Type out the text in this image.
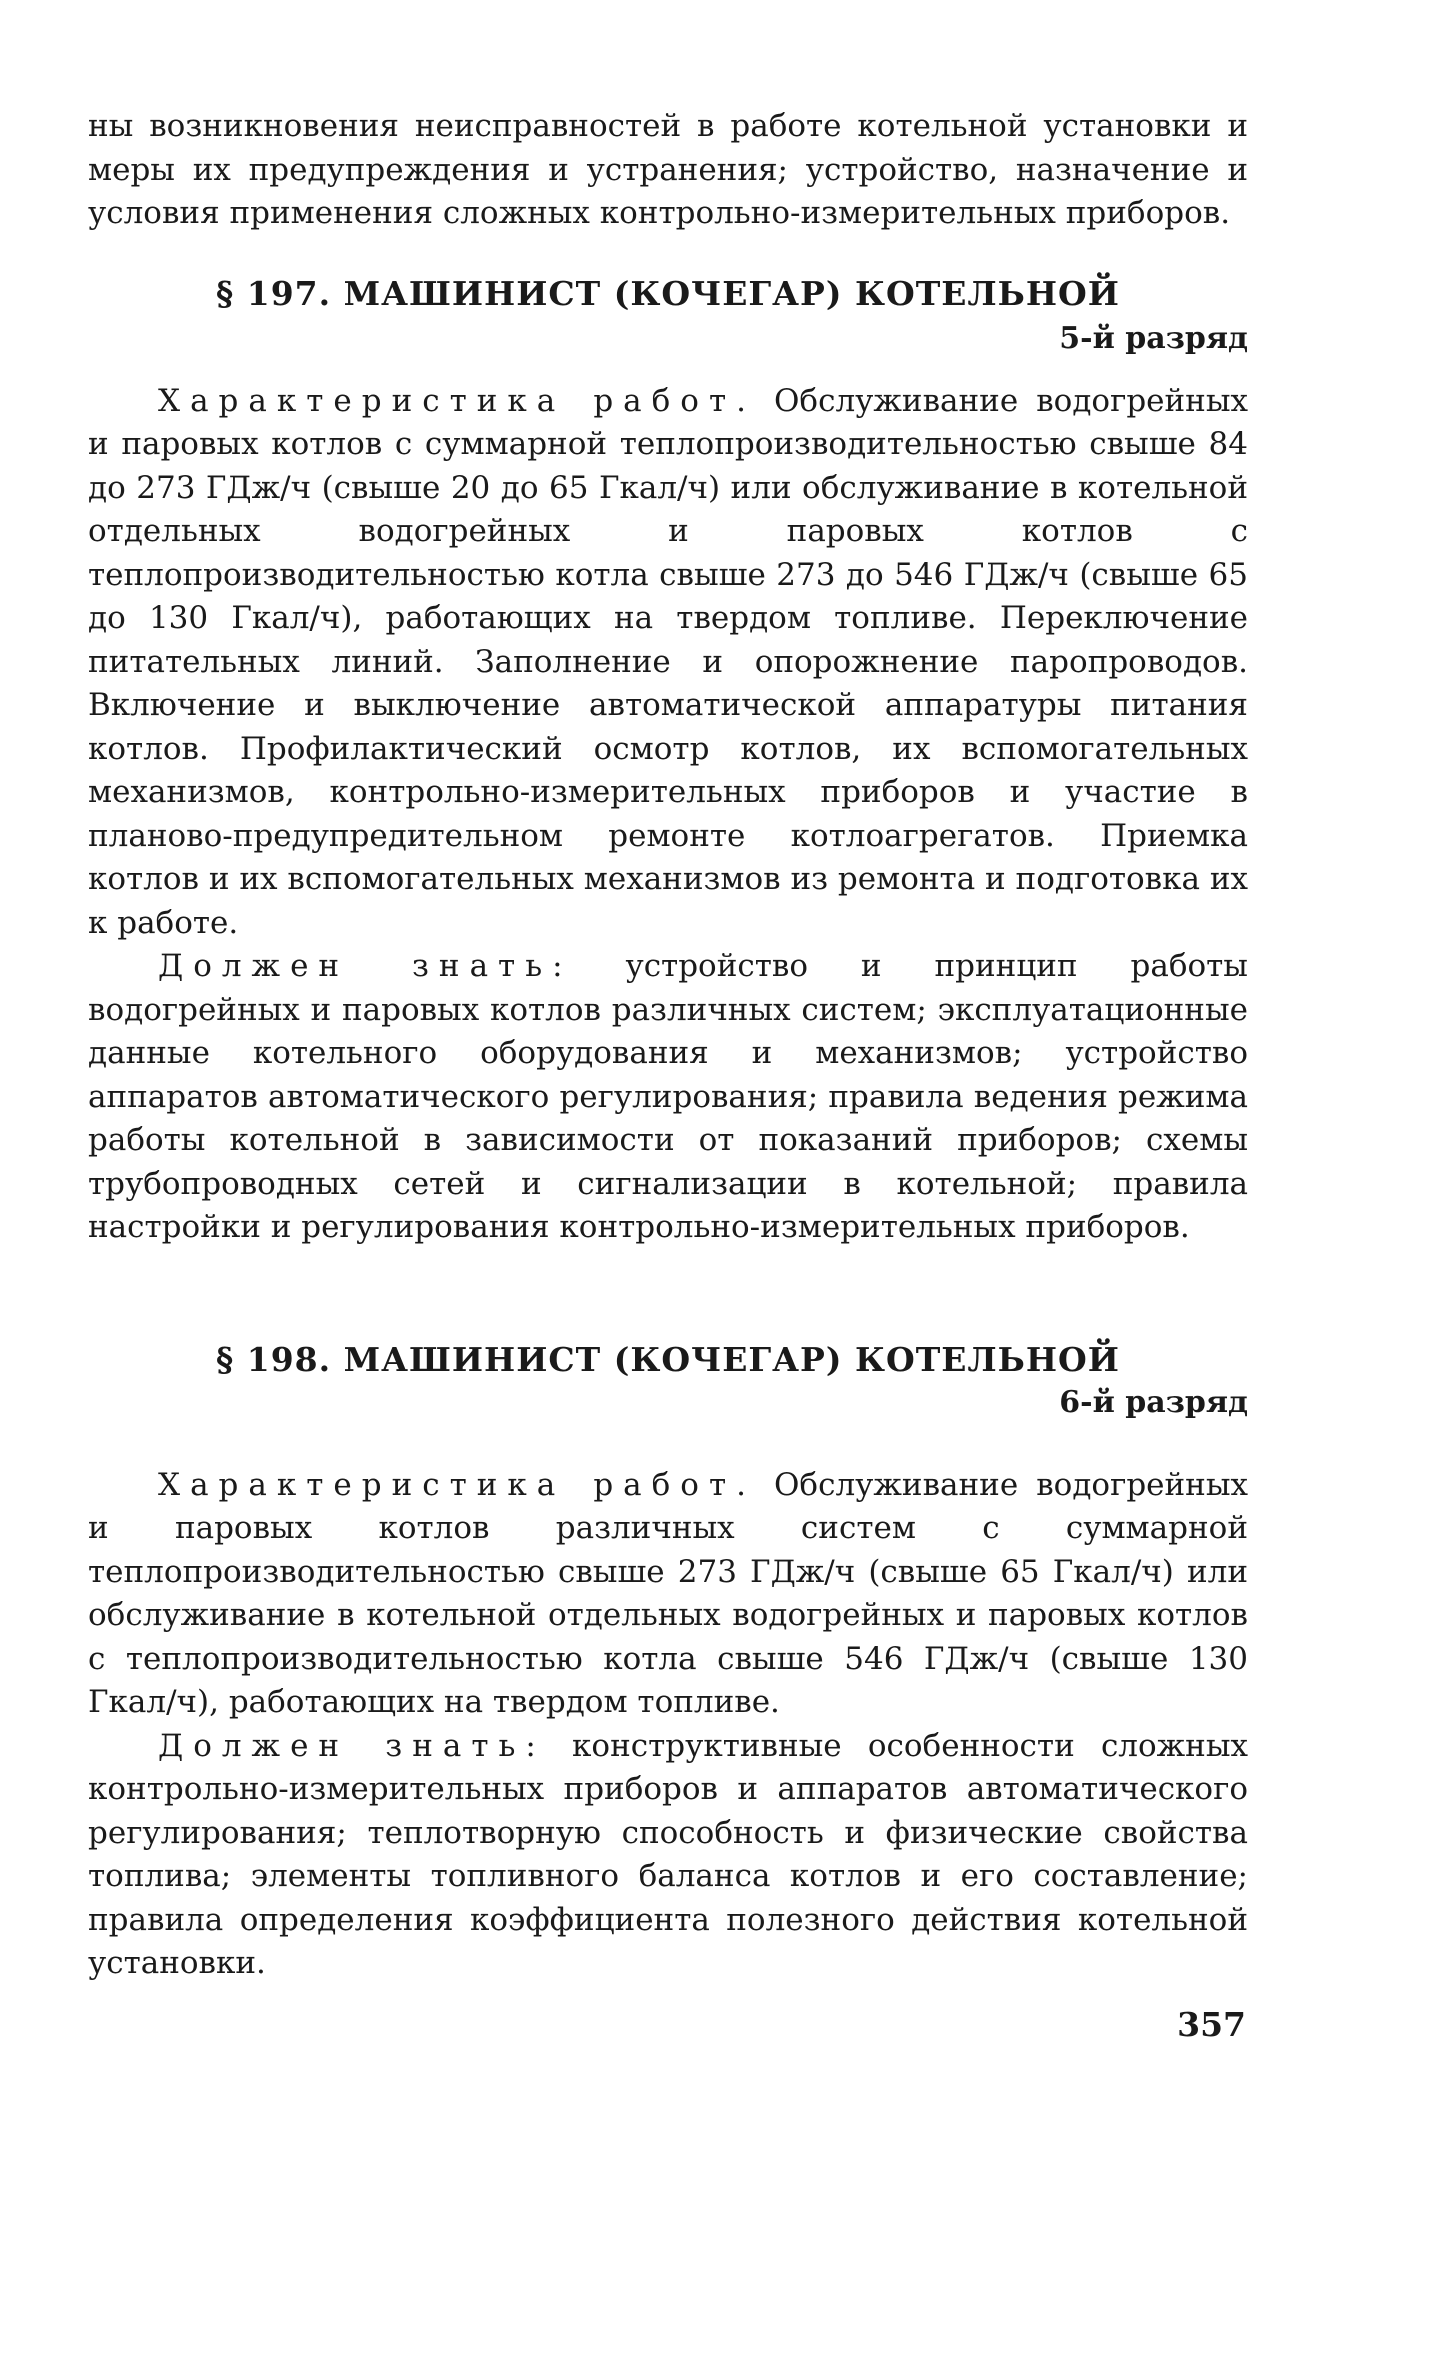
ны возникновения неисправностей в работе котельной установки и меры их предупреждения и устранения; устройство, назначение и условия применения сложных контрольно-измерительных приборов.

§ 197. МАШИНИСТ (КОЧЕГАР) КОТЕЛЬНОЙ

5-й разряд

Характеристика работ. Обслуживание водогрейных и паровых котлов с суммарной теплопроизводительностью свыше 84 до 273 ГДж/ч (свыше 20 до 65 Гкал/ч) или обслуживание в котельной отдельных водогрейных и паровых котлов с теплопроизводительностью котла свыше 273 до 546 ГДж/ч (свыше 65 до 130 Гкал/ч), работающих на твердом топливе. Переключение питательных линий. Заполнение и опорожнение паропроводов. Включение и выключение автоматической аппаратуры питания котлов. Профилактический осмотр котлов, их вспомогательных механизмов, контрольно-измерительных приборов и участие в планово-предупредительном ремонте котлоагрегатов. Приемка котлов и их вспомогательных механизмов из ремонта и подготовка их к работе.

Должен знать: устройство и принцип работы водогрейных и паровых котлов различных систем; эксплуатационные данные котельного оборудования и механизмов; устройство аппаратов автоматического регулирования; правила ведения режима работы котельной в зависимости от показаний приборов; схемы трубопроводных сетей и сигнализации в котельной; правила настройки и регулирования контрольно-измерительных приборов.

§ 198. МАШИНИСТ (КОЧЕГАР) КОТЕЛЬНОЙ

6-й разряд

Характеристика работ. Обслуживание водогрейных и паровых котлов различных систем с суммарной теплопроизводительностью свыше 273 ГДж/ч (свыше 65 Гкал/ч) или обслуживание в котельной отдельных водогрейных и паровых котлов с теплопроизводительностью котла свыше 546 ГДж/ч (свыше 130 Гкал/ч), работающих на твердом топливе.

Должен знать: конструктивные особенности сложных контрольно-измерительных приборов и аппаратов автоматического регулирования; теплотворную способность и физические свойства топлива; элементы топливного баланса котлов и его составление; правила определения коэффициента полезного действия котельной установки.

357
